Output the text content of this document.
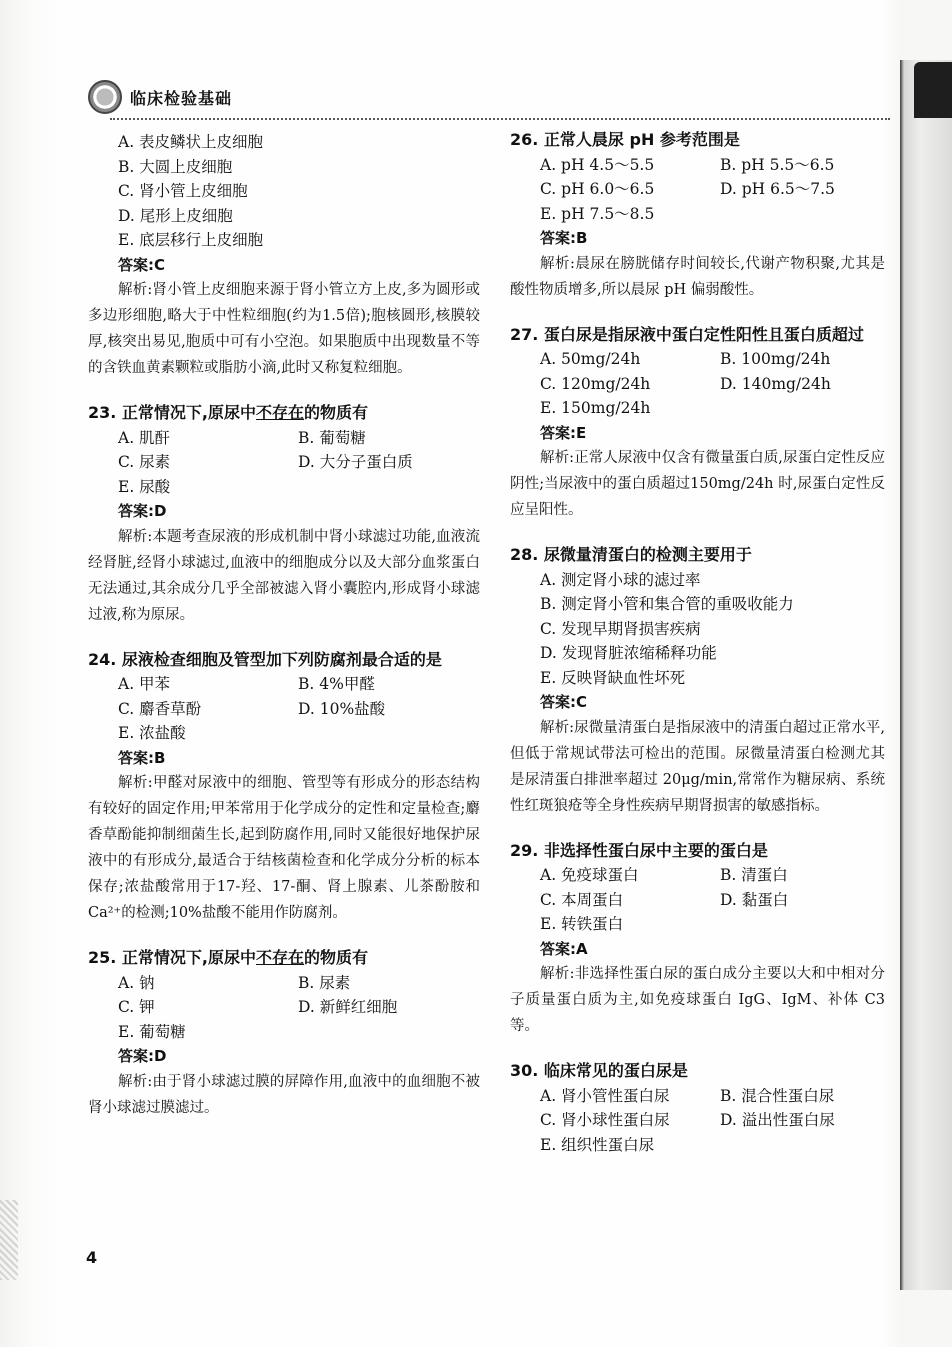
⠀
临床检验基础
A. 表皮鳞状上皮细胞
B. 大圆上皮细胞
C. 肾小管上皮细胞
D. 尾形上皮细胞
E. 底层移行上皮细胞
答案:C
解析:肾小管上皮细胞来源于肾小管立方上皮,多为圆形或多边形细胞,略大于中性粒细胞(约为1.5倍);胞核圆形,核膜较厚,核突出易见,胞质中可有小空泡。如果胞质中出现数量不等的含铁血黄素颗粒或脂肪小滴,此时又称复粒细胞。
23. 正常情况下,原尿中不存在的物质有
A. 肌酐	B. 葡萄糖
C. 尿素	D. 大分子蛋白质
E. 尿酸
答案:D
解析:本题考查尿液的形成机制中肾小球滤过功能,血液流经肾脏,经肾小球滤过,血液中的细胞成分以及大部分血浆蛋白无法通过,其余成分几乎全部被滤入肾小囊腔内,形成肾小球滤过液,称为原尿。
24. 尿液检查细胞及管型加下列防腐剂最合适的是
A. 甲苯	B. 4%甲醛
C. 麝香草酚	D. 10%盐酸
E. 浓盐酸
答案:B
解析:甲醛对尿液中的细胞、管型等有形成分的形态结构有较好的固定作用;甲苯常用于化学成分的定性和定量检查;麝香草酚能抑制细菌生长,起到防腐作用,同时又能很好地保护尿液中的有形成分,最适合于结核菌检查和化学成分分析的标本保存;浓盐酸常用于17-羟、17-酮、肾上腺素、儿茶酚胺和Ca²⁺的检测;10%盐酸不能用作防腐剂。
25. 正常情况下,原尿中不存在的物质有
A. 钠	B. 尿素
C. 钾	D. 新鲜红细胞
E. 葡萄糖
答案:D
解析:由于肾小球滤过膜的屏障作用,血液中的血细胞不被肾小球滤过膜滤过。
26. 正常人晨尿 pH 参考范围是
A. pH 4.5～5.5	B. pH 5.5～6.5
C. pH 6.0～6.5	D. pH 6.5～7.5
E. pH 7.5～8.5
答案:B
解析:晨尿在膀胱储存时间较长,代谢产物积聚,尤其是酸性物质增多,所以晨尿 pH 偏弱酸性。
27. 蛋白尿是指尿液中蛋白定性阳性且蛋白质超过
A. 50mg/24h	B. 100mg/24h
C. 120mg/24h	D. 140mg/24h
E. 150mg/24h
答案:E
解析:正常人尿液中仅含有微量蛋白质,尿蛋白定性反应阴性;当尿液中的蛋白质超过150mg/24h 时,尿蛋白定性反应呈阳性。
28. 尿微量清蛋白的检测主要用于
A. 测定肾小球的滤过率
B. 测定肾小管和集合管的重吸收能力
C. 发现早期肾损害疾病
D. 发现肾脏浓缩稀释功能
E. 反映肾缺血性坏死
答案:C
解析:尿微量清蛋白是指尿液中的清蛋白超过正常水平,但低于常规试带法可检出的范围。尿微量清蛋白检测尤其是尿清蛋白排泄率超过 20μg/min,常常作为糖尿病、系统性红斑狼疮等全身性疾病早期肾损害的敏感指标。
29. 非选择性蛋白尿中主要的蛋白是
A. 免疫球蛋白	B. 清蛋白
C. 本周蛋白	D. 黏蛋白
E. 转铁蛋白
答案:A
解析:非选择性蛋白尿的蛋白成分主要以大和中相对分子质量蛋白质为主,如免疫球蛋白 IgG、IgM、补体 C3 等。
30. 临床常见的蛋白尿是
A. 肾小管性蛋白尿	B. 混合性蛋白尿
C. 肾小球性蛋白尿	D. 溢出性蛋白尿
E. 组织性蛋白尿
4
